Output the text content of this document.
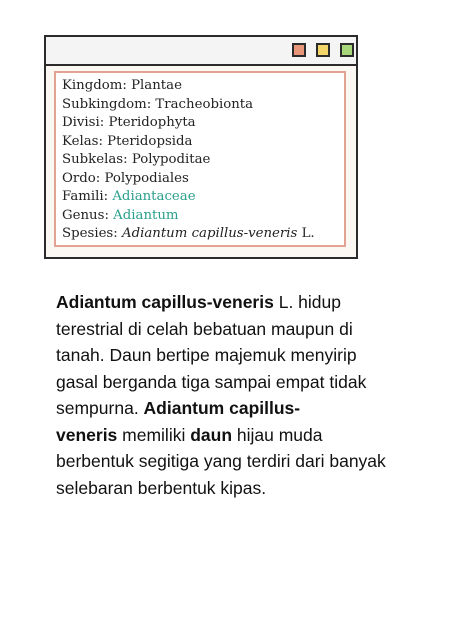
Kingdom: Plantae
Subkingdom: Tracheobionta
Divisi: Pteridophyta
Kelas: Pteridopsida
Subkelas: Polypoditae
Ordo: Polypodiales
Famili: Adiantaceae
Genus: Adiantum
Spesies: Adiantum capillus-veneris L.
Adiantum capillus-veneris L. hidup
terestrial di celah bebatuan maupun di
tanah. Daun bertipe majemuk menyirip
gasal berganda tiga sampai empat tidak
sempurna. Adiantum capillus-
veneris memiliki daun hijau muda
berbentuk segitiga yang terdiri dari banyak
selebaran berbentuk kipas.
